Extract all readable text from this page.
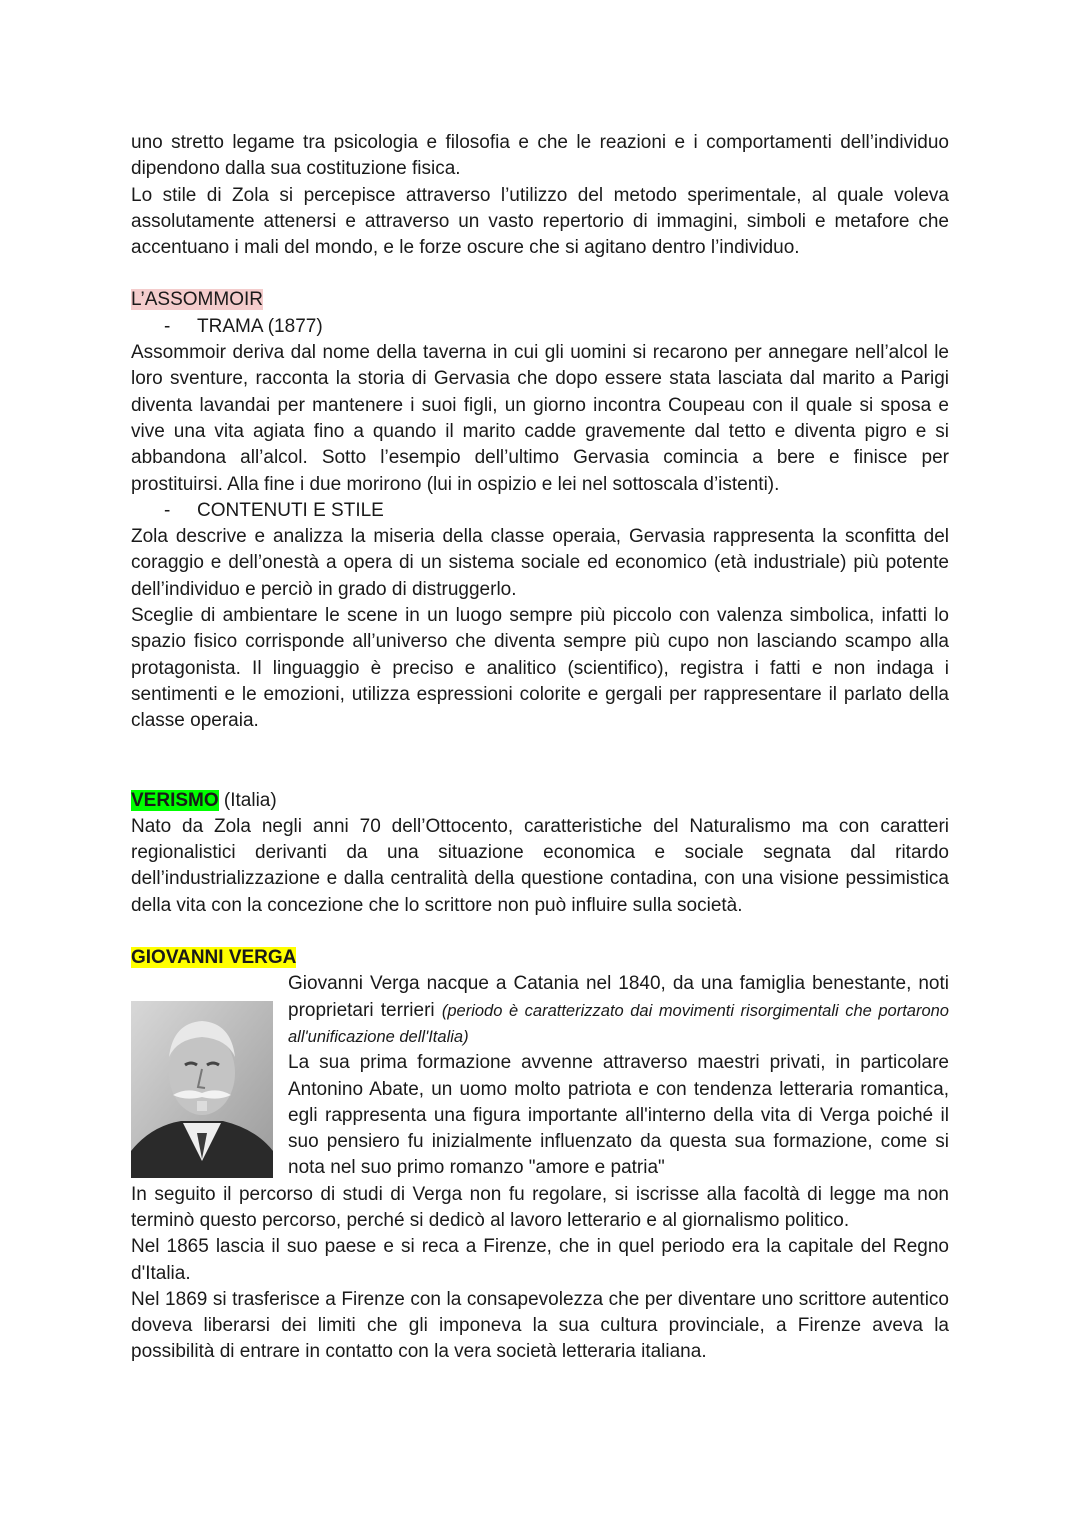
uno stretto legame tra psicologia e filosofia e che le reazioni e i comportamenti dell’individuo dipendono dalla sua costituzione fisica.

Lo stile di Zola si percepisce attraverso l’utilizzo del metodo sperimentale, al quale voleva assolutamente attenersi e attraverso un vasto repertorio di immagini, simboli e metafore che accentuano i mali del mondo, e le forze oscure che si agitano dentro l’individuo.

L’ASSOMMOIR

-	TRAMA (1877)

Assommoir deriva dal nome della taverna in cui gli uomini si recarono per annegare nell’alcol le loro sventure, racconta la storia di Gervasia che dopo essere stata lasciata dal marito a Parigi diventa lavandai per mantenere i suoi figli, un giorno incontra Coupeau con il quale si sposa e vive una vita agiata fino a quando il marito cadde gravemente dal tetto e diventa pigro e si abbandona all’alcol. Sotto l’esempio dell’ultimo Gervasia comincia a bere e finisce per prostituirsi. Alla fine i due morirono (lui in ospizio e lei nel sottoscala d’istenti).

-	CONTENUTI E STILE

Zola descrive e analizza la miseria della classe operaia, Gervasia rappresenta la sconfitta del coraggio e dell’onestà a opera di un sistema sociale ed economico (età industriale) più potente dell’individuo e perciò in grado di distruggerlo.

Sceglie di ambientare le scene in un luogo sempre più piccolo con valenza simbolica, infatti lo spazio fisico corrisponde all’universo che diventa sempre più cupo non lasciando scampo alla protagonista. Il linguaggio è preciso e analitico (scientifico), registra i fatti e non indaga i sentimenti e le emozioni, utilizza espressioni colorite e gergali per rappresentare il parlato della classe operaia.

VERISMO (Italia)

Nato da Zola negli anni 70 dell’Ottocento, caratteristiche del Naturalismo ma con caratteri regionalistici derivanti da una situazione economica e sociale segnata dal ritardo dell’industrializzazione e dalla centralità della questione contadina, con una visione pessimistica della vita con la concezione che lo scrittore non può influire sulla società.

GIOVANNI VERGA

Giovanni Verga nacque a Catania nel 1840, da una famiglia benestante, noti proprietari terrieri (periodo è caratterizzato dai movimenti risorgimentali che portarono all'unificazione dell'Italia)

La sua prima formazione avvenne attraverso maestri privati, in particolare Antonino Abate, un uomo molto patriota e con tendenza letteraria romantica, egli rappresenta una figura importante all'interno della vita di Verga poiché il suo pensiero fu inizialmente influenzato da questa sua formazione, come si nota nel suo primo romanzo "amore e patria"

In seguito il percorso di studi di Verga non fu regolare, si iscrisse alla facoltà di legge ma non terminò questo percorso, perché si dedicò al lavoro letterario e al giornalismo politico.

Nel 1865 lascia il suo paese e si reca a Firenze, che in quel periodo era la capitale del Regno d'Italia.

Nel 1869 si trasferisce a Firenze con la consapevolezza che per diventare uno scrittore autentico doveva liberarsi dei limiti che gli imponeva la sua cultura provinciale, a Firenze aveva la possibilità di entrare in contatto con la vera società letteraria italiana.
